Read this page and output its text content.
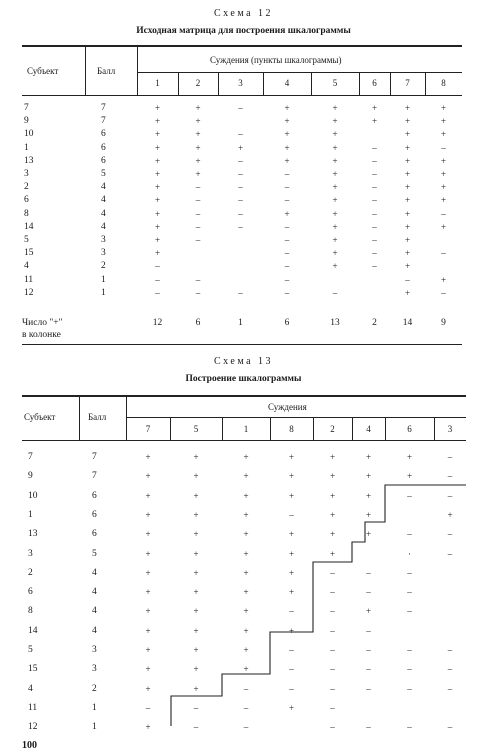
Схема 12
Исходная матрица для построения шкалограммы
Субъект	Балл
Суждения (пункты шкалограммы)
1	2	3	4	5	6	7	8
7	7	+	+	–	+	+	+	+	+
9	7	+	+	+	+	+	+	+
10	6	+	+	–	+	+	+	+
1	6	+	+	+	+	+	–	+	–
13	6	+	+	–	+	+	–	+	+
3	5	+	+	–	–	+	–	+	+
2	4	+	–	–	–	+	–	+	+
6	4	+	–	–	–	+	–	+	+
8	4	+	–	–	+	+	–	+	–
14	4	+	–	–	–	+	–	+	+
5	3	+	–	–	+	–	+
15	3	+	–	+	–	+	–
4	2	–	–	+	–	+
11	1	–	–	–	–	+
12	1	–	–	–	–	–	+	–
Число "+"
в колонке
12	6	1	6	13	2	14	9
Схема 13
Построение шкалограммы
Субъект	Балл
Суждения
7	5	1	8	2	4	6	3
7	7	+	+	+	+	+	+	+	–
9	7	+	+	+	+	+	+	+	–
10	6	+	+	+	+	+	+	–	–
1	6	+	+	+	–	+	+	+
13	6	+	+	+	+	+	+	–	–
3	5	+	+	+	+	+	·	–
2	4	+	+	+	+	–	–	–
6	4	+	+	+	+	–	–	–
8	4	+	+	+	–	–	+	–
14	4	+	+	+	+	–	–
5	3	+	+	+	–	–	–	–	–
15	3	+	+	+	–	–	–	–	–
4	2	+	+	–	–	–	–	–	–
11	1	–	–	–	+	–
12	1	+	–	–	–	–	–	–
100
